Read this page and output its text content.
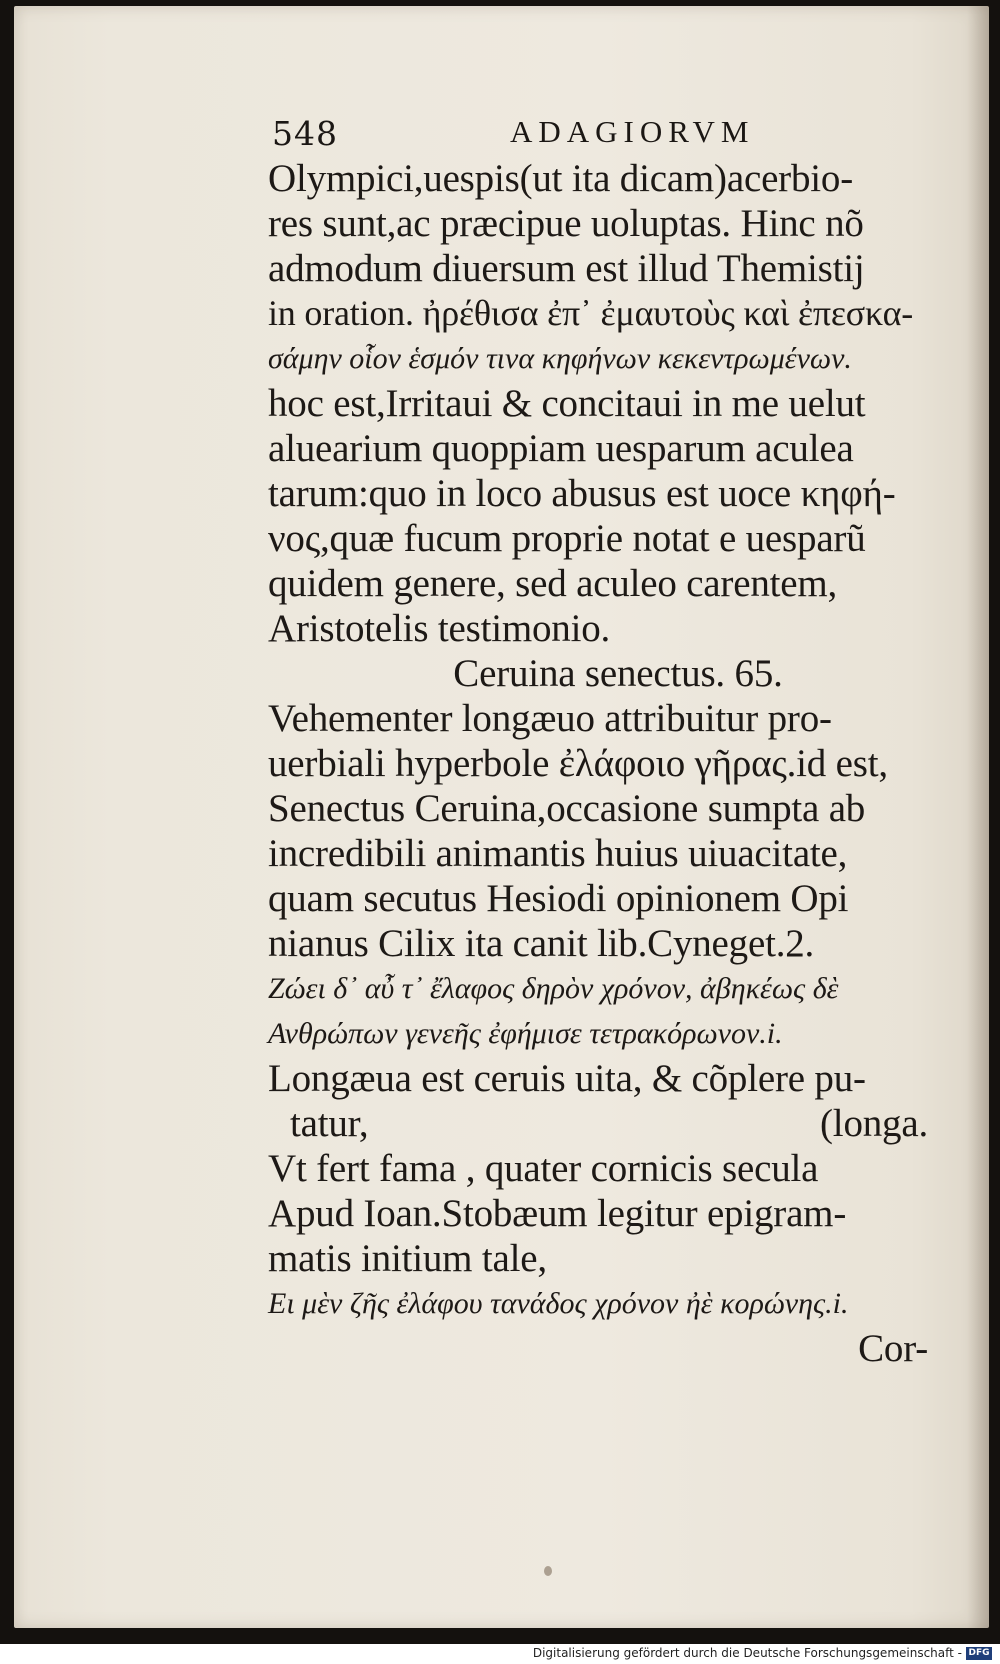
548	ADAGIORVM
Olympici,uespis(ut ita dicam)acerbio-
res sunt,ac præcipue uoluptas. Hinc nõ
admodum diuersum est illud Themistij
in oration. ἠρέθισα ἐπ᾽ ἐμαυτοὺς καὶ ἐπεσκα-
σάμην οἷον ἑσμόν τινα κηφήνων κεκεντρωμένων.
hoc est,Irritaui & concitaui in me uelut
aluearium quoppiam uesparum aculea
tarum:quo in loco abusus est uoce κηφή-
νος,quæ fucum proprie notat e uesparũ
quidem genere, sed aculeo carentem,
Aristotelis testimonio.
Ceruina senectus. 65.
Vehementer longæuo attribuitur pro-
uerbiali hyperbole ἐλάφοιο γῆρας.id est,
Senectus Ceruina,occasione sumpta ab
incredibili animantis huius uiuacitate,
quam secutus Hesiodi opinionem Opi
nianus Cilix ita canit lib.Cyneget.2.
Ζώει δ᾽ αὖ τ᾽ ἔλαφος δηρὸν χρόνον, ἀβηκέως δὲ
Ανθρώπων γενεῆς ἐφήμισε τετρακόρωνον.i.
Longæua est ceruis uita, & cõplere pu-
tatur,	(longa.
Vt fert fama , quater cornicis secula
Apud Ioan.Stobæum legitur epigram-
matis initium tale,
Ει μὲν ζῆς ἐλάφου τανάδος χρόνον ἠὲ κορώνης.i.
Cor-
Digitalisierung gefördert durch die Deutsche Forschungsgemeinschaft - DFG
